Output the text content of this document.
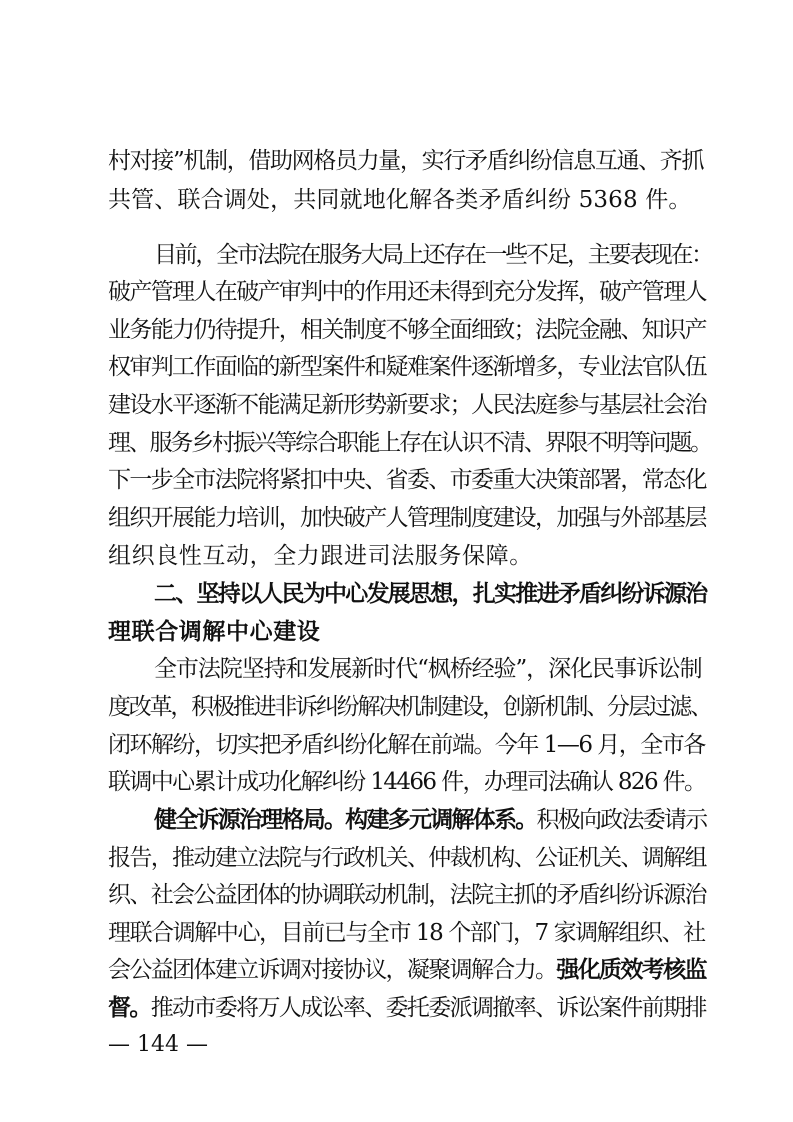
村对接”机制，借助网格员力量，实行矛盾纠纷信息互通、齐抓
共管、联合调处，共同就地化解各类矛盾纠纷 5368 件。
目前，全市法院在服务大局上还存在一些不足，主要表现在：
破产管理人在破产审判中的作用还未得到充分发挥，破产管理人
业务能力仍待提升，相关制度不够全面细致；法院金融、知识产
权审判工作面临的新型案件和疑难案件逐渐增多，专业法官队伍
建设水平逐渐不能满足新形势新要求；人民法庭参与基层社会治
理、服务乡村振兴等综合职能上存在认识不清、界限不明等问题。
下一步全市法院将紧扣中央、省委、市委重大决策部署，常态化
组织开展能力培训，加快破产人管理制度建设，加强与外部基层
组织良性互动，全力跟进司法服务保障。
二、坚持以人民为中心发展思想，扎实推进矛盾纠纷诉源治
理联合调解中心建设
全市法院坚持和发展新时代“枫桥经验”，深化民事诉讼制
度改革，积极推进非诉纠纷解决机制建设，创新机制、分层过滤、
闭环解纷，切实把矛盾纠纷化解在前端。今年 1—6 月，全市各
联调中心累计成功化解纠纷 14466 件，办理司法确认 826 件。
健全诉源治理格局。构建多元调解体系。积极向政法委请示
报告，推动建立法院与行政机关、仲裁机构、公证机关、调解组
织、社会公益团体的协调联动机制，法院主抓的矛盾纠纷诉源治
理联合调解中心，目前已与全市 18 个部门，7 家调解组织、社
会公益团体建立诉调对接协议，凝聚调解合力。强化质效考核监
督。推动市委将万人成讼率、委托委派调撤率、诉讼案件前期排
— 144 —
